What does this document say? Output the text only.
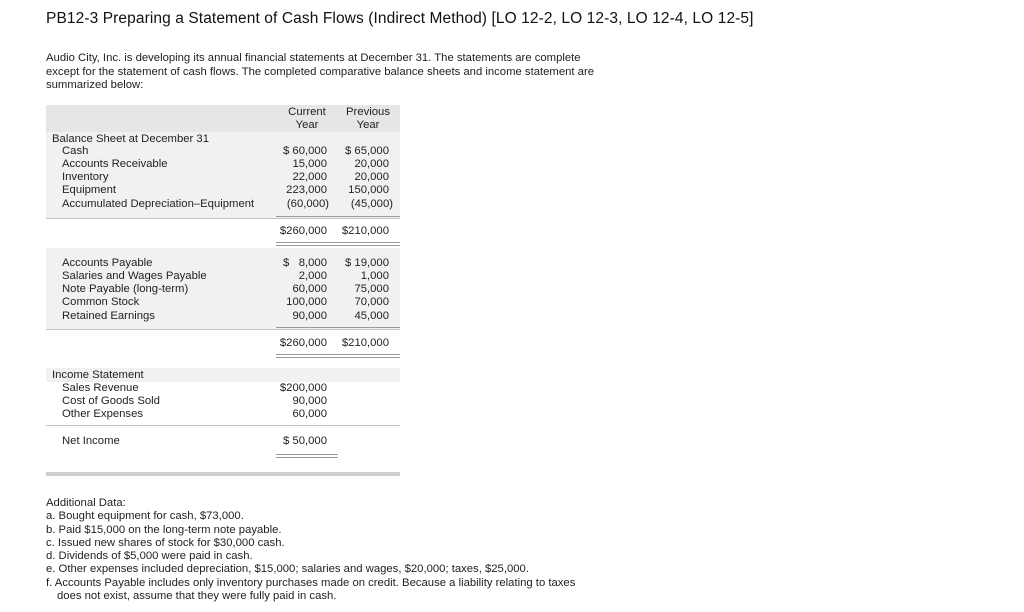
PB12-3 Preparing a Statement of Cash Flows (Indirect Method) [LO 12-2, LO 12-3, LO 12-4, LO 12-5]
Audio City, Inc. is developing its annual financial statements at December 31. The statements are complete except for the statement of cash flows. The completed comparative balance sheets and income statement are summarized below:
Current Year
Previous Year
Balance Sheet at December 31
Cash	$ 60,000	$ 65,000
Accounts Receivable	15,000	20,000
Inventory	22,000	20,000
Equipment	223,000	150,000
Accumulated Depreciation–Equipment	(60,000)	(45,000)
$260,000	$210,000
Accounts Payable	$   8,000	$ 19,000
Salaries and Wages Payable	2,000	1,000
Note Payable (long-term)	60,000	75,000
Common Stock	100,000	70,000
Retained Earnings	90,000	45,000
$260,000	$210,000
Income Statement
Sales Revenue	$200,000
Cost of Goods Sold	90,000
Other Expenses	60,000
Net Income	$ 50,000
Additional Data:
a. Bought equipment for cash, $73,000.
b. Paid $15,000 on the long-term note payable.
c. Issued new shares of stock for $30,000 cash.
d. Dividends of $5,000 were paid in cash.
e. Other expenses included depreciation, $15,000; salaries and wages, $20,000; taxes, $25,000.
f. Accounts Payable includes only inventory purchases made on credit. Because a liability relating to taxes does not exist, assume that they were fully paid in cash.
